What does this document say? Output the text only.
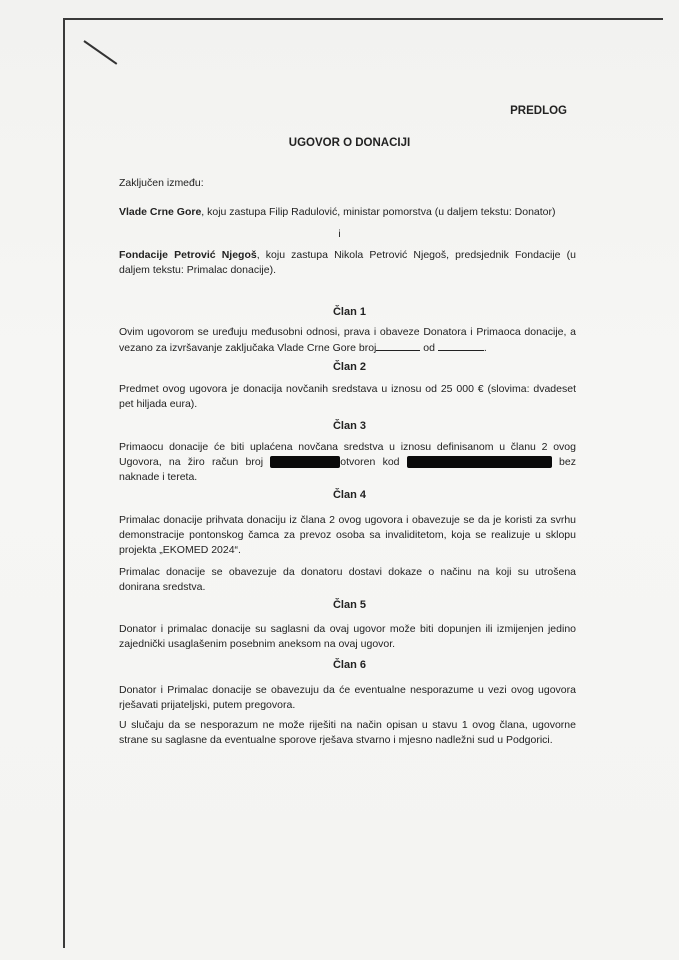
PREDLOG
UGOVOR O DONACIJI
Zaključen između:
Vlade Crne Gore, koju zastupa Filip Radulović, ministar pomorstva (u daljem tekstu: Donator)
i
Fondacije Petrović Njegoš, koju zastupa Nikola Petrović Njegoš, predsjednik Fondacije (u daljem tekstu: Primalac donacije).
Član 1
Ovim ugovorom se uređuju međusobni odnosi, prava i obaveze Donatora i Primaoca donacije, a vezano za izvršavanje zaključaka Vlade Crne Gore broj	od	.
Član 2
Predmet ovog ugovora je donacija novčanih sredstava u iznosu od 25 000 € (slovima: dvadeset pet hiljada eura).
Član 3
Primaocu donacije će biti uplaćena novčana sredstva u iznosu definisanom u članu 2 ovog Ugovora, na žiro račun broj	otvoren kod	bez naknade i tereta.
Član 4
Primalac donacije prihvata donaciju iz člana 2 ovog ugovora i obavezuje se da je koristi za svrhu demonstracije pontonskog čamca za prevoz osoba sa invaliditetom, koja se realizuje u sklopu projekta „EKOMED 2024“.
Primalac donacije se obavezuje da donatoru dostavi dokaze o načinu na koji su utrošena donirana sredstva.
Član 5
Donator i primalac donacije su saglasni da ovaj ugovor može biti dopunjen ili izmijenjen jedino zajednički usaglašenim posebnim aneksom na ovaj ugovor.
Član 6
Donator i Primalac donacije se obavezuju da će eventualne nesporazume u vezi ovog ugovora rješavati prijateljski, putem pregovora.
U slučaju da se nesporazum ne može riješiti na način opisan u stavu 1 ovog člana, ugovorne strane su saglasne da eventualne sporove rješava stvarno i mjesno nadležni sud u Podgorici.
